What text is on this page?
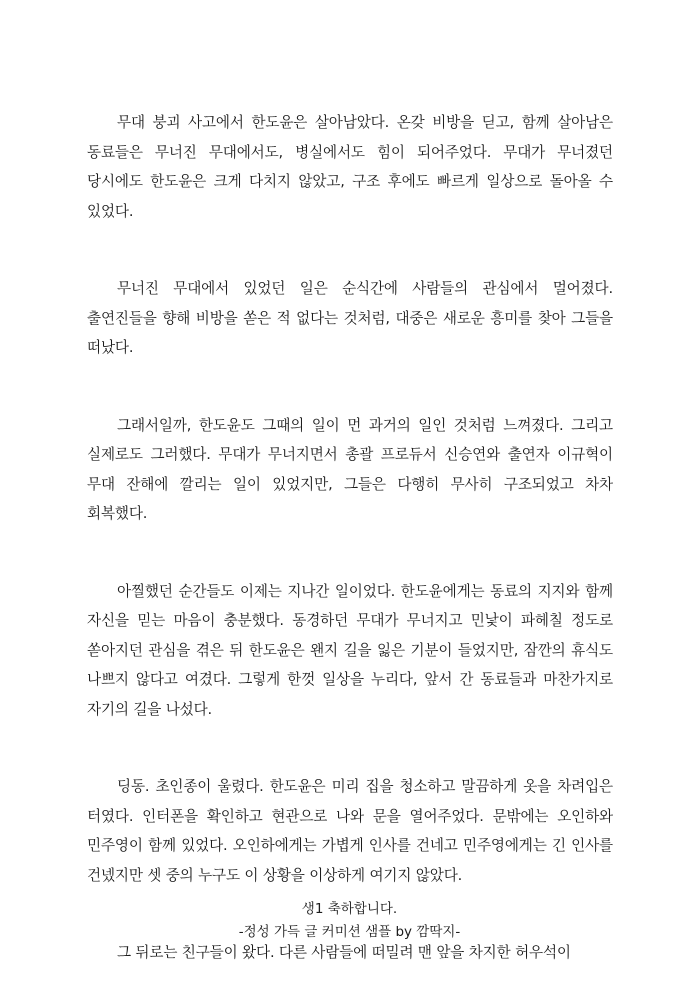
무대 붕괴 사고에서 한도윤은 살아남았다. 온갖 비방을 딛고, 함께 살아남은 동료들은 무너진 무대에서도, 병실에서도 힘이 되어주었다. 무대가 무너졌던 당시에도 한도윤은 크게 다치지 않았고, 구조 후에도 빠르게 일상으로 돌아올 수 있었다.

무너진 무대에서 있었던 일은 순식간에 사람들의 관심에서 멀어졌다. 출연진들을 향해 비방을 쏟은 적 없다는 것처럼, 대중은 새로운 흥미를 찾아 그들을 떠났다.

그래서일까, 한도윤도 그때의 일이 먼 과거의 일인 것처럼 느껴졌다. 그리고 실제로도 그러했다. 무대가 무너지면서 총괄 프로듀서 신승연와 출연자 이규혁이 무대 잔해에 깔리는 일이 있었지만, 그들은 다행히 무사히 구조되었고 차차 회복했다.

아찔했던 순간들도 이제는 지나간 일이었다. 한도윤에게는 동료의 지지와 함께 자신을 믿는 마음이 충분했다. 동경하던 무대가 무너지고 민낯이 파헤칠 정도로 쏟아지던 관심을 겪은 뒤 한도윤은 왠지 길을 잃은 기분이 들었지만, 잠깐의 휴식도 나쁘지 않다고 여겼다. 그렇게 한껏 일상을 누리다, 앞서 간 동료들과 마찬가지로 자기의 길을 나섰다.

딩동. 초인종이 울렸다. 한도윤은 미리 집을 청소하고 말끔하게 옷을 차려입은 터였다. 인터폰을 확인하고 현관으로 나와 문을 열어주었다. 문밖에는 오인하와 민주영이 함께 있었다. 오인하에게는 가볍게 인사를 건네고 민주영에게는 긴 인사를 건넸지만 셋 중의 누구도 이 상황을 이상하게 여기지 않았다.

그 뒤로는 친구들이 왔다. 다른 사람들에 떠밀려 맨 앞을 차지한 허우석이

생1 축하합니다.
-정성 가득 글 커미션 샘플 by 깜딱지-
